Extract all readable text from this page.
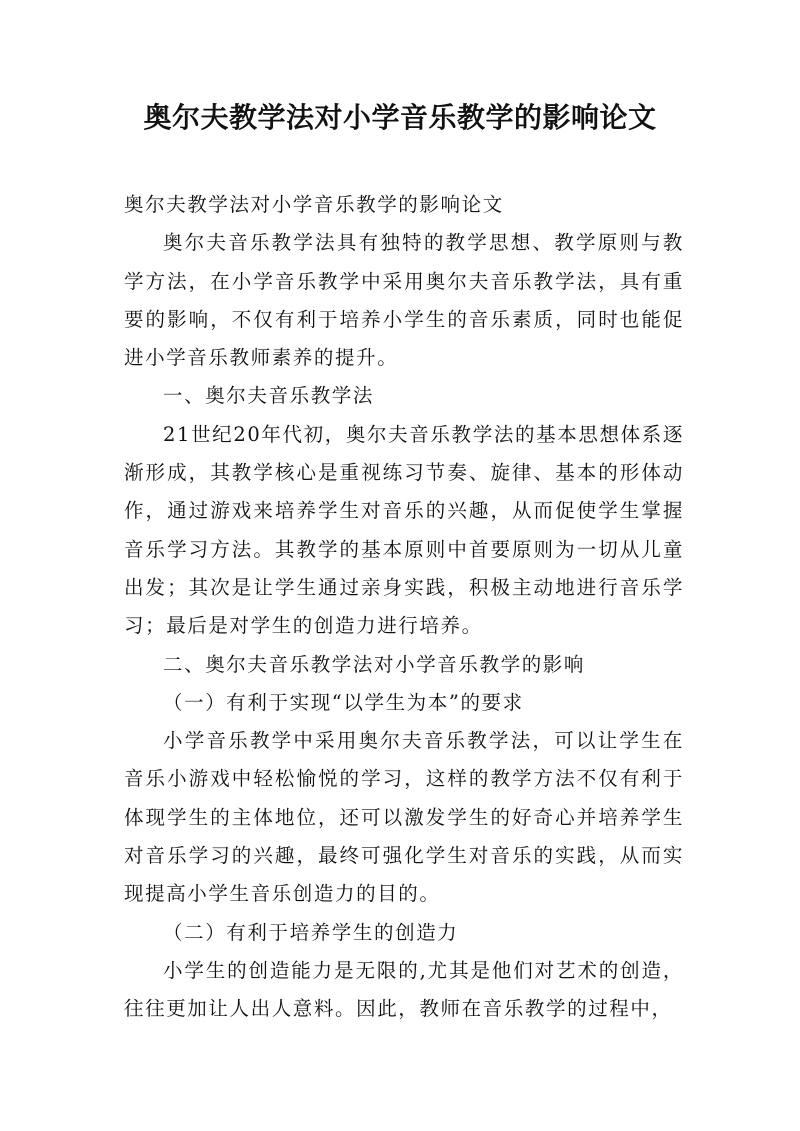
奥尔夫教学法对小学音乐教学的影响论文

奥尔夫教学法对小学音乐教学的影响论文

奥尔夫音乐教学法具有独特的教学思想、教学原则与教学方法，在小学音乐教学中采用奥尔夫音乐教学法，具有重要的影响，不仅有利于培养小学生的音乐素质，同时也能促进小学音乐教师素养的提升。

一、奥尔夫音乐教学法

21世纪20年代初，奥尔夫音乐教学法的基本思想体系逐渐形成，其教学核心是重视练习节奏、旋律、基本的形体动作，通过游戏来培养学生对音乐的兴趣，从而促使学生掌握音乐学习方法。其教学的基本原则中首要原则为一切从儿童出发；其次是让学生通过亲身实践，积极主动地进行音乐学习；最后是对学生的创造力进行培养。

二、奥尔夫音乐教学法对小学音乐教学的影响

（一）有利于实现“以学生为本”的要求

小学音乐教学中采用奥尔夫音乐教学法，可以让学生在音乐小游戏中轻松愉悦的学习，这样的教学方法不仅有利于体现学生的主体地位，还可以激发学生的好奇心并培养学生对音乐学习的兴趣，最终可强化学生对音乐的实践，从而实现提高小学生音乐创造力的目的。

（二）有利于培养学生的创造力

小学生的创造能力是无限的,尤其是他们对艺术的创造，往往更加让人出人意料。因此，教师在音乐教学的过程中，
